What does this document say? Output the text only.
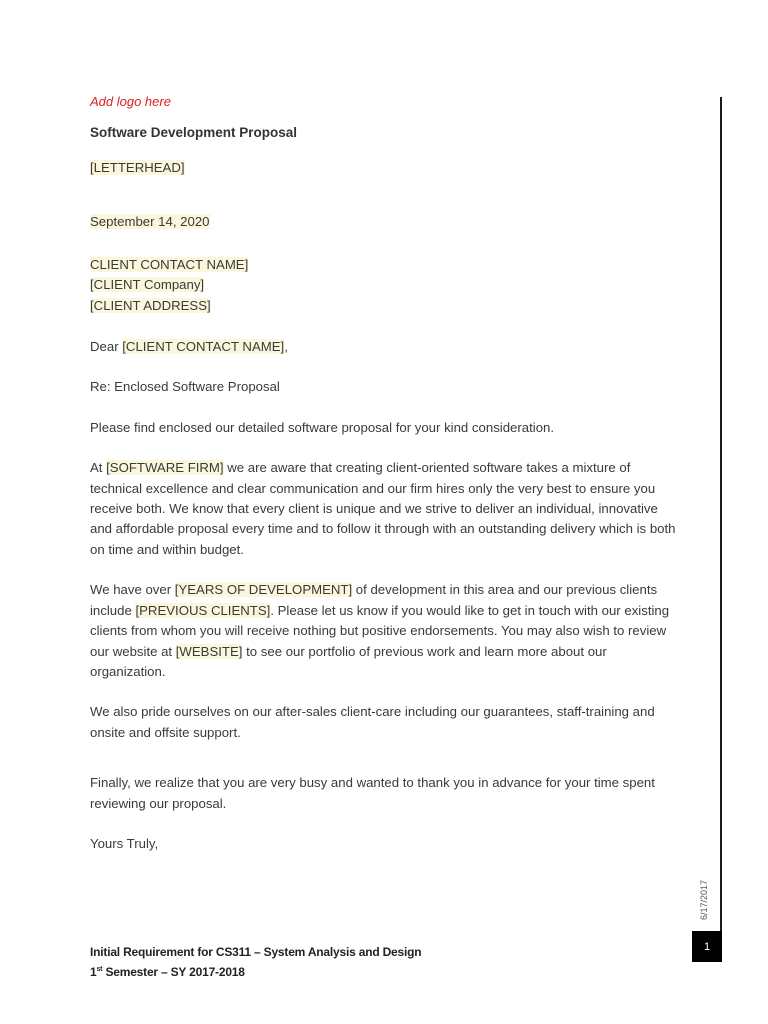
Add logo here
Software Development Proposal

[LETTERHEAD]

September 14, 2020

CLIENT CONTACT NAME]

[CLIENT Company]

[CLIENT ADDRESS]

Dear [CLIENT CONTACT NAME],

Re: Enclosed Software Proposal

Please find enclosed our detailed software proposal for your kind consideration.

At [SOFTWARE FIRM] we are aware that creating client-oriented software takes a mixture of technical excellence and clear communication and our firm hires only the very best to ensure you receive both. We know that every client is unique and we strive to deliver an individual, innovative and affordable proposal every time and to follow it through with an outstanding delivery which is both on time and within budget.

We have over [YEARS OF DEVELOPMENT] of development in this area and our previous clients include [PREVIOUS CLIENTS]. Please let us know if you would like to get in touch with our existing clients from whom you will receive nothing but positive endorsements. You may also wish to review our website at [WEBSITE] to see our portfolio of previous work and learn more about our organization.

We also pride ourselves on our after-sales client-care including our guarantees, staff-training and onsite and offsite support.

Finally, we realize that you are very busy and wanted to thank you in advance for your time spent reviewing our proposal.

Yours Truly,

6/17/2017
1
Initial Requirement for CS311 – System Analysis and Design
1st Semester – SY 2017-2018
